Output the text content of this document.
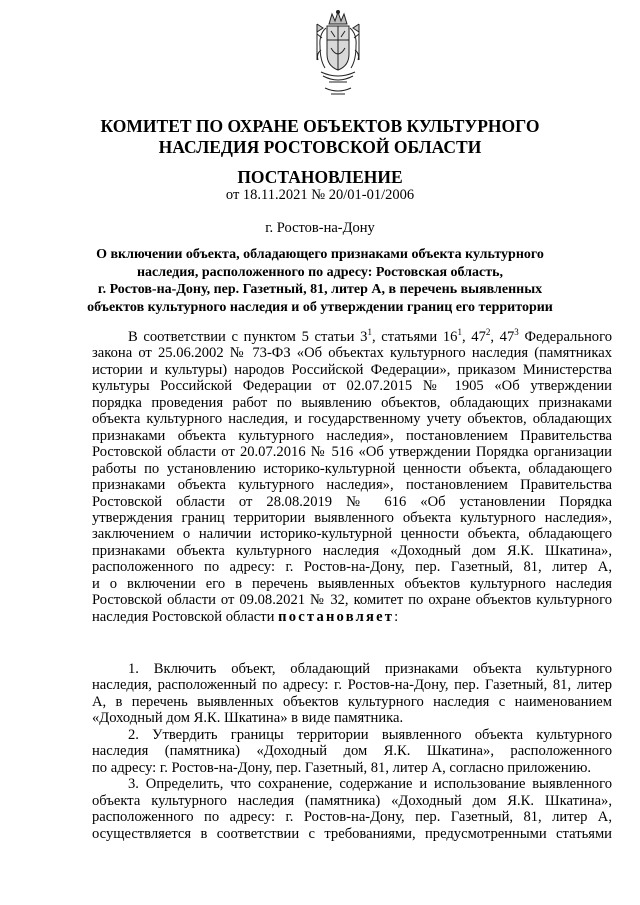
КОМИТЕТ ПО ОХРАНЕ ОБЪЕКТОВ КУЛЬТУРНОГО
НАСЛЕДИЯ РОСТОВСКОЙ ОБЛАСТИ
ПОСТАНОВЛЕНИЕ
от 18.11.2021 № 20/01-01/2006
г. Ростов-на-Дону
О включении объекта, обладающего признаками объекта культурного
наследия, расположенного по адресу: Ростовская область,
г. Ростов-на-Дону, пер. Газетный, 81, литер А, в перечень выявленных
объектов культурного наследия и об утверждении границ его территории
В соответствии с пунктом 5 статьи $3^1$, статьями $16^1$, $47^2$, $47^3$ Федерального
закона от 25.06.2002 № 73-ФЗ «Об объектах культурного наследия (памятниках
истории и культуры) народов Российской Федерации», приказом Министерства
культуры Российской Федерации от 02.07.2015 № 1905 «Об утверждении
порядка проведения работ по выявлению объектов, обладающих признаками
объекта культурного наследия, и государственному учету объектов, обладающих
признаками объекта культурного наследия», постановлением Правительства
Ростовской области от 20.07.2016 № 516 «Об утверждении Порядка организации
работы по установлению историко-культурной ценности объекта, обладающего
признаками объекта культурного наследия», постановлением Правительства
Ростовской области от 28.08.2019 № 616 «Об установлении Порядка
утверждения границ территории выявленного объекта культурного наследия»,
заключением о наличии историко-культурной ценности объекта, обладающего
признаками объекта культурного наследия «Доходный дом Я.К. Шкатина»,
расположенного по адресу: г. Ростов-на-Дону, пер. Газетный, 81, литер А,
и о включении его в перечень выявленных объектов культурного наследия
Ростовской области от 09.08.2021 № 32, комитет по охране объектов культурного
наследия Ростовской области постановляет:
1. Включить объект, обладающий признаками объекта культурного
наследия, расположенный по адресу: г. Ростов-на-Дону, пер. Газетный, 81, литер
А, в перечень выявленных объектов культурного наследия с наименованием
«Доходный дом Я.К. Шкатина» в виде памятника.
2. Утвердить границы территории выявленного объекта культурного
наследия (памятника) «Доходный дом Я.К. Шкатина», расположенного
по адресу: г. Ростов-на-Дону, пер. Газетный, 81, литер А, согласно приложению.
3. Определить, что сохранение, содержание и использование выявленного
объекта культурного наследия (памятника) «Доходный дом Я.К. Шкатина»,
расположенного по адресу: г. Ростов-на-Дону, пер. Газетный, 81, литер А,
осуществляется в соответствии с требованиями, предусмотренными статьями
